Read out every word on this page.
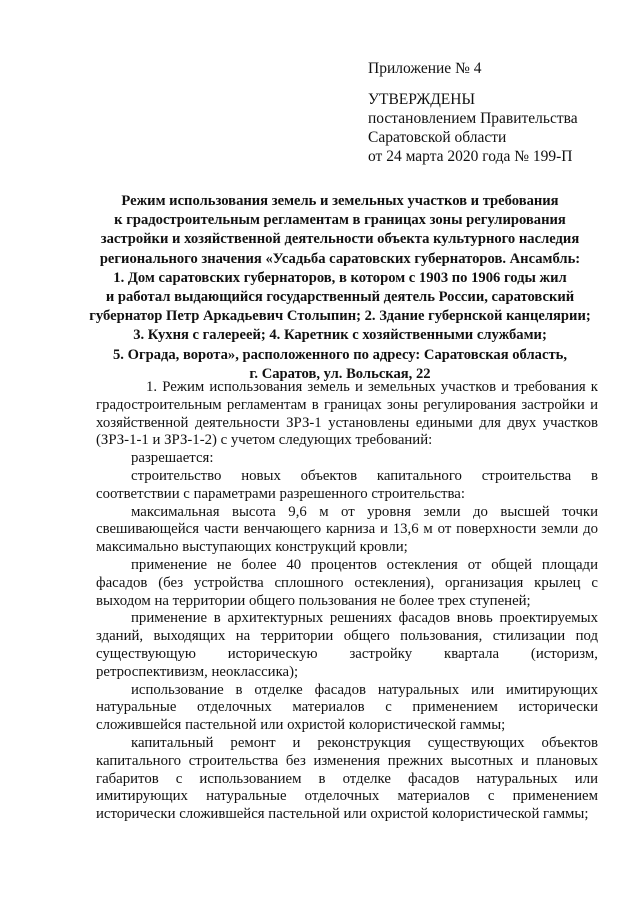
Приложение № 4
УТВЕРЖДЕНЫ
постановлением Правительства
Саратовской области
от 24 марта 2020 года № 199-П
Режим использования земель и земельных участков и требования
к градостроительным регламентам в границах зоны регулирования
застройки и хозяйственной деятельности объекта культурного наследия
регионального значения «Усадьба саратовских губернаторов. Ансамбль:
1. Дом саратовских губернаторов, в котором с 1903 по 1906 годы жил
и работал выдающийся государственный деятель России, саратовский
губернатор Петр Аркадьевич Столыпин; 2. Здание губернской канцелярии;
3. Кухня с галереей; 4. Каретник с хозяйственными службами;
5. Ограда, ворота», расположенного по адресу: Саратовская область,
г. Саратов, ул. Вольская, 22

1. Режим использования земель и земельных участков и требования к градостроительным регламентам в границах зоны регулирования застройки и хозяйственной деятельности ЗРЗ-1 установлены едиными для двух участков (ЗРЗ-1-1 и ЗРЗ-1-2) с учетом следующих требований:

разрешается:

строительство новых объектов капитального строительства в соответствии с параметрами разрешенного строительства:

максимальная высота 9,6 м от уровня земли до высшей точки свешивающейся части венчающего карниза и 13,6 м от поверхности земли до максимально выступающих конструкций кровли;

применение не более 40 процентов остекления от общей площади фасадов (без устройства сплошного остекления), организация крылец с выходом на территории общего пользования не более трех ступеней;

применение в архитектурных решениях фасадов вновь проектируемых зданий, выходящих на территории общего пользования, стилизации под существующую историческую застройку квартала (историзм, ретроспективизм, неоклассика);

использование в отделке фасадов натуральных или имитирующих натуральные отделочных материалов с применением исторически сложившейся пастельной или охристой колористической гаммы;

капитальный ремонт и реконструкция существующих объектов капитального строительства без изменения прежних высотных и плановых габаритов с использованием в отделке фасадов натуральных или имитирующих натуральные отделочных материалов с применением исторически сложившейся пастельной или охристой колористической гаммы;
